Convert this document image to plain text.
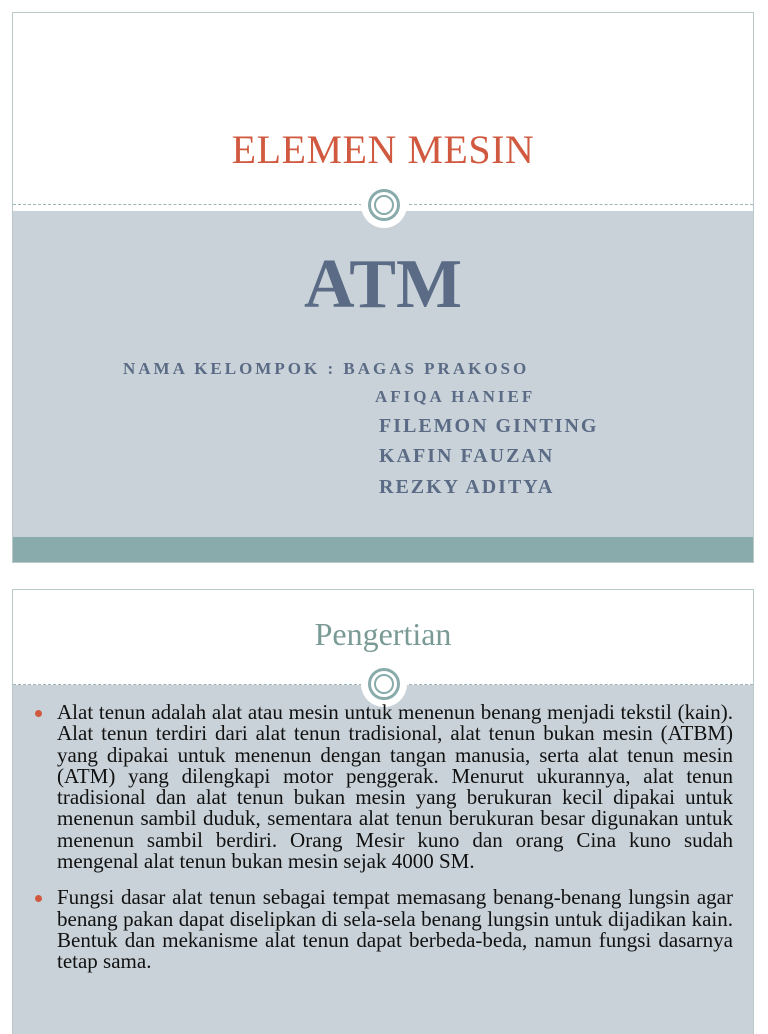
ELEMEN MESIN
ATM
NAMA KELOMPOK : BAGAS PRAKOSO
AFIQA HANIEF
FILEMON GINTING
KAFIN FAUZAN
REZKY ADITYA
Pengertian
Alat tenun adalah alat atau mesin untuk menenun benang menjadi tekstil (kain). Alat tenun terdiri dari alat tenun tradisional, alat tenun bukan mesin (ATBM) yang dipakai untuk menenun dengan tangan manusia, serta alat tenun mesin (ATM) yang dilengkapi motor penggerak. Menurut ukurannya, alat tenun tradisional dan alat tenun bukan mesin yang berukuran kecil dipakai untuk menenun sambil duduk, sementara alat tenun berukuran besar digunakan untuk menenun sambil berdiri. Orang Mesir kuno dan orang Cina kuno sudah mengenal alat tenun bukan mesin sejak 4000 SM.
Fungsi dasar alat tenun sebagai tempat memasang benang-benang lungsin agar benang pakan dapat diselipkan di sela-sela benang lungsin untuk dijadikan kain. Bentuk dan mekanisme alat tenun dapat berbeda-beda, namun fungsi dasarnya tetap sama.
